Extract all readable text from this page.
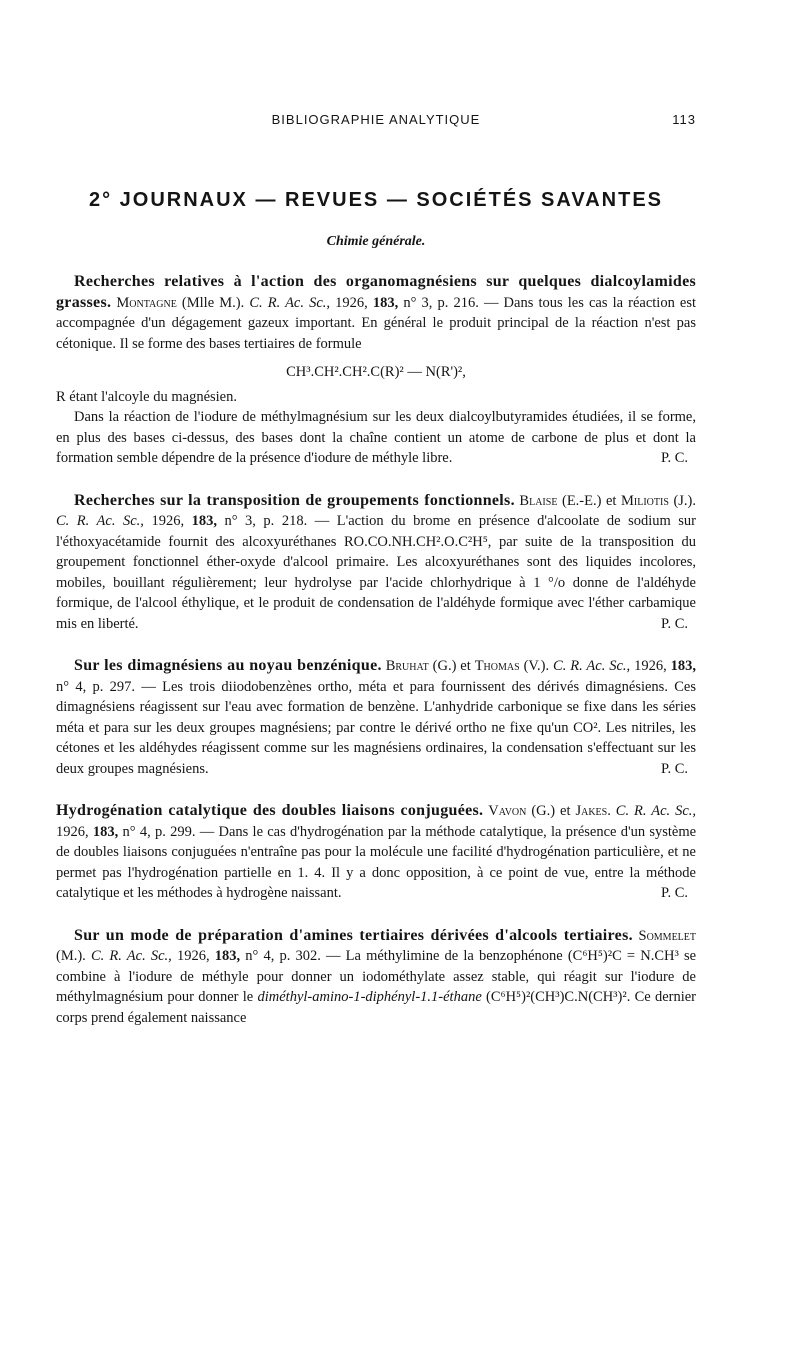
BIBLIOGRAPHIE ANALYTIQUE	113
2° JOURNAUX — REVUES — SOCIÉTÉS SAVANTES
Chimie générale.

Recherches relatives à l'action des organomagnésiens sur quelques dialcoylamides grasses. Montagne (Mlle M.). C. R. Ac. Sc., 1926, 183, n° 3, p. 216. — Dans tous les cas la réaction est accompagnée d'un dégagement gazeux important. En général le produit principal de la réaction n'est pas cétonique. Il se forme des bases tertiaires de formule

CH³.CH².CH².C(R)² — N(R')²,

R étant l'alcoyle du magnésien.

Dans la réaction de l'iodure de méthylmagnésium sur les deux dialcoylbutyramides étudiées, il se forme, en plus des bases ci-dessus, des bases dont la chaîne contient un atome de carbone de plus et dont la formation semble dépendre de la présence d'iodure de méthyle libre.	P. C.

Recherches sur la transposition de groupements fonctionnels. Blaise (E.-E.) et Miliotis (J.). C. R. Ac. Sc., 1926, 183, n° 3, p. 218. — L'action du brome en présence d'alcoolate de sodium sur l'éthoxyacétamide fournit des alcoxyuréthanes RO.CO.NH.CH².O.C²H⁵, par suite de la transposition du groupement fonctionnel éther-oxyde d'alcool primaire. Les alcoxyuréthanes sont des liquides incolores, mobiles, bouillant régulièrement; leur hydrolyse par l'acide chlorhydrique à 1 °/o donne de l'aldéhyde formique, de l'alcool éthylique, et le produit de condensation de l'aldéhyde formique avec l'éther carbamique mis en liberté.	P. C.

Sur les dimagnésiens au noyau benzénique. Bruhat (G.) et Thomas (V.). C. R. Ac. Sc., 1926, 183, n° 4, p. 297. — Les trois diiodobenzènes ortho, méta et para fournissent des dérivés dimagnésiens. Ces dimagnésiens réagissent sur l'eau avec formation de benzène. L'anhydride carbonique se fixe dans les séries méta et para sur les deux groupes magnésiens; par contre le dérivé ortho ne fixe qu'un CO². Les nitriles, les cétones et les aldéhydes réagissent comme sur les magnésiens ordinaires, la condensation s'effectuant sur les deux groupes magnésiens.	P. C.

Hydrogénation catalytique des doubles liaisons conjuguées. Vavon (G.) et Jakes. C. R. Ac. Sc., 1926, 183, n° 4, p. 299. — Dans le cas d'hydrogénation par la méthode catalytique, la présence d'un système de doubles liaisons conjuguées n'entraîne pas pour la molécule une facilité d'hydrogénation particulière, et ne permet pas l'hydrogénation partielle en 1. 4. Il y a donc opposition, à ce point de vue, entre la méthode catalytique et les méthodes à hydrogène naissant.	P. C.

Sur un mode de préparation d'amines tertiaires dérivées d'alcools tertiaires. Sommelet (M.). C. R. Ac. Sc., 1926, 183, n° 4, p. 302. — La méthylimine de la benzophénone (C⁶H⁵)²C = N.CH³ se combine à l'iodure de méthyle pour donner un iodométhylate assez stable, qui réagit sur l'iodure de méthylmagnésium pour donner le diméthyl-amino-1-diphényl-1.1-éthane (C⁶H⁵)²(CH³)C.N(CH³)². Ce dernier corps prend également naissance
